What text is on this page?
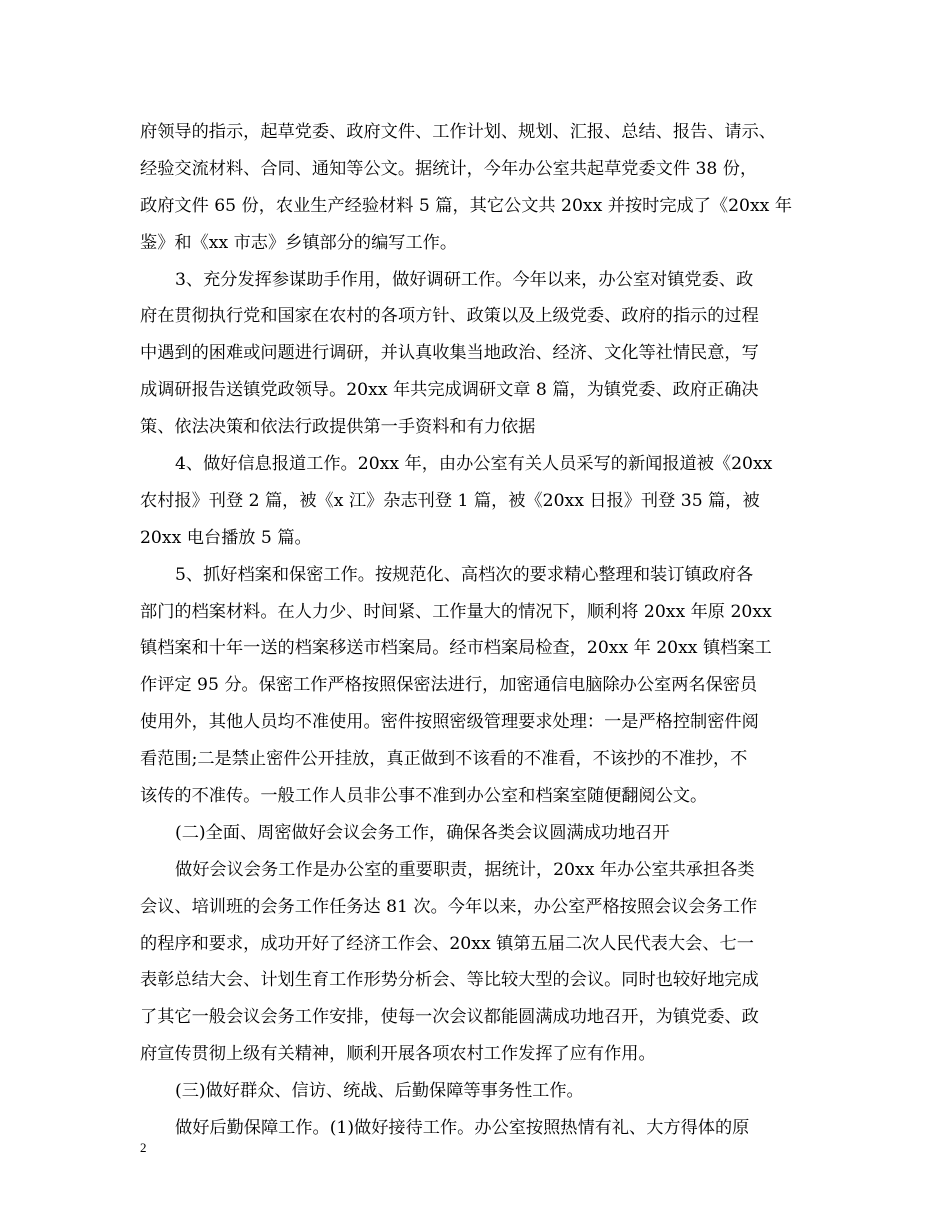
府领导的指示，起草党委、政府文件、工作计划、规划、汇报、总结、报告、请示、
经验交流材料、合同、通知等公文。据统计，今年办公室共起草党委文件 38 份，
政府文件 65 份，农业生产经验材料 5 篇，其它公文共 20xx 并按时完成了《20xx 年
鉴》和《xx 市志》乡镇部分的编写工作。
3、充分发挥参谋助手作用，做好调研工作。今年以来，办公室对镇党委、政
府在贯彻执行党和国家在农村的各项方针、政策以及上级党委、政府的指示的过程
中遇到的困难或问题进行调研，并认真收集当地政治、经济、文化等社情民意，写
成调研报告送镇党政领导。20xx 年共完成调研文章 8 篇，为镇党委、政府正确决
策、依法决策和依法行政提供第一手资料和有力依据
4、做好信息报道工作。20xx 年，由办公室有关人员采写的新闻报道被《20xx
农村报》刊登 2 篇，被《x 江》杂志刊登 1 篇，被《20xx 日报》刊登 35 篇，被
20xx 电台播放 5 篇。
5、抓好档案和保密工作。按规范化、高档次的要求精心整理和装订镇政府各
部门的档案材料。在人力少、时间紧、工作量大的情况下，顺利将 20xx 年原 20xx
镇档案和十年一送的档案移送市档案局。经市档案局检查，20xx 年 20xx 镇档案工
作评定 95 分。保密工作严格按照保密法进行，加密通信电脑除办公室两名保密员
使用外，其他人员均不准使用。密件按照密级管理要求处理：一是严格控制密件阅
看范围;二是禁止密件公开挂放，真正做到不该看的不准看，不该抄的不准抄，不
该传的不准传。一般工作人员非公事不准到办公室和档案室随便翻阅公文。
(二)全面、周密做好会议会务工作，确保各类会议圆满成功地召开
做好会议会务工作是办公室的重要职责，据统计，20xx 年办公室共承担各类
会议、培训班的会务工作任务达 81 次。今年以来，办公室严格按照会议会务工作
的程序和要求，成功开好了经济工作会、20xx 镇第五届二次人民代表大会、七一
表彰总结大会、计划生育工作形势分析会、等比较大型的会议。同时也较好地完成
了其它一般会议会务工作安排，使每一次会议都能圆满成功地召开，为镇党委、政
府宣传贯彻上级有关精神，顺利开展各项农村工作发挥了应有作用。
(三)做好群众、信访、统战、后勤保障等事务性工作。
做好后勤保障工作。(1)做好接待工作。办公室按照热情有礼、大方得体的原
2
